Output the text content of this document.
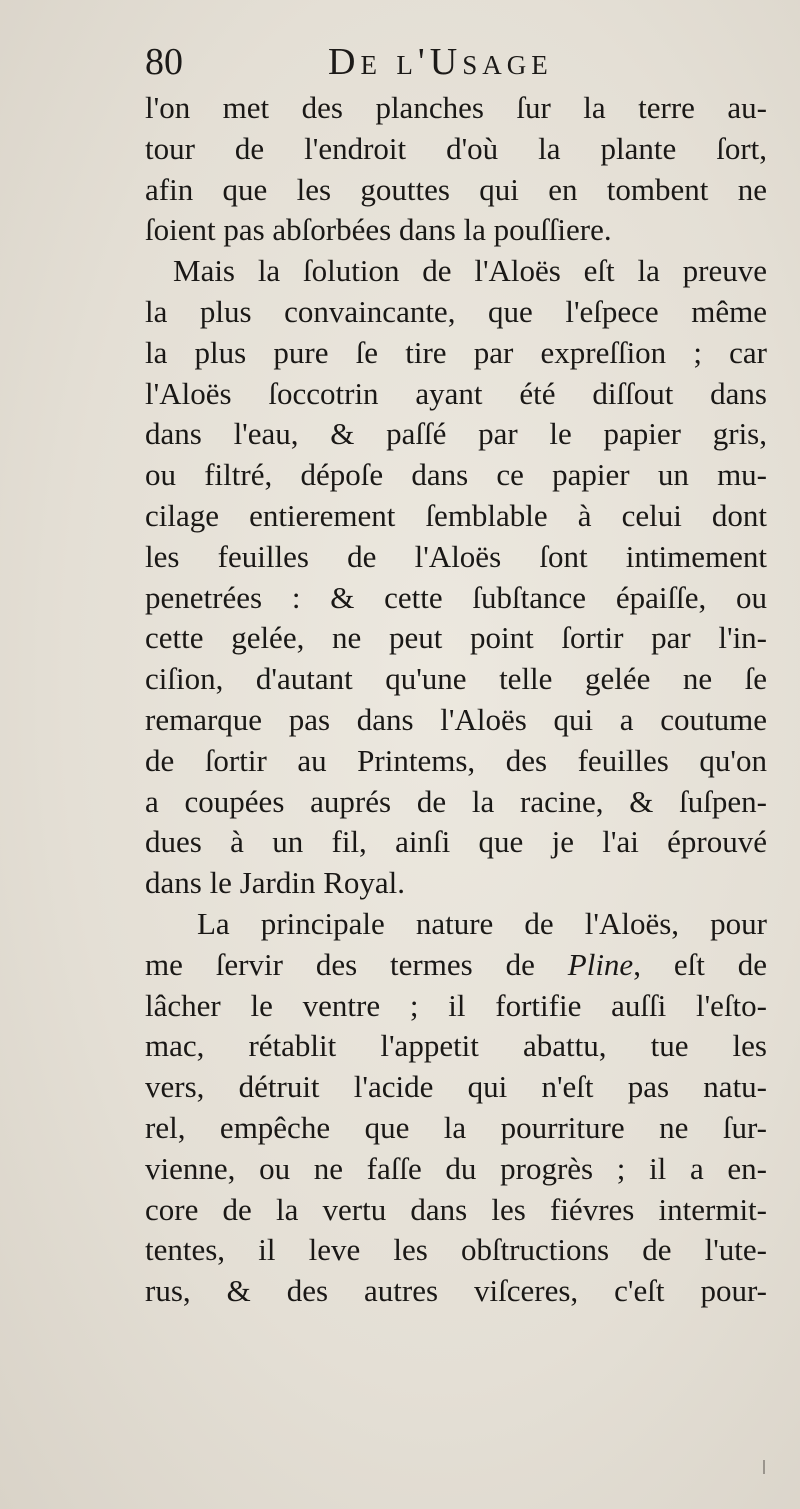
80	De l'Usage
l'on met des planches ſur la terre au-
tour de l'endroit d'où la plante ſort,
afin que les gouttes qui en tombent ne
ſoient pas abſorbées dans la pouſſiere.
Mais la ſolution de l'Aloës eſt la preuve
la plus convaincante, que l'eſpece même
la plus pure ſe tire par expreſſion ; car
l'Aloës ſoccotrin ayant été diſſout dans
dans l'eau, & paſſé par le papier gris,
ou filtré, dépoſe dans ce papier un mu-
cilage entierement ſemblable à celui dont
les feuilles de l'Aloës ſont intimement
penetrées : & cette ſubſtance épaiſſe, ou
cette gelée, ne peut point ſortir par l'in-
ciſion, d'autant qu'une telle gelée ne ſe
remarque pas dans l'Aloës qui a coutume
de ſortir au Printems, des feuilles qu'on
a coupées auprés de la racine, & ſuſpen-
dues à un fil, ainſi que je l'ai éprouvé
dans le Jardin Royal.
La principale nature de l'Aloës, pour
me ſervir des termes de Pline, eſt de
lâcher le ventre ; il fortifie auſſi l'eſto-
mac, rétablit l'appetit abattu, tue les
vers, détruit l'acide qui n'eſt pas natu-
rel, empêche que la pourriture ne ſur-
vienne, ou ne faſſe du progrès ; il a en-
core de la vertu dans les fiévres intermit-
tentes, il leve les obſtructions de l'ute-
rus, & des autres viſceres, c'eſt pour-
